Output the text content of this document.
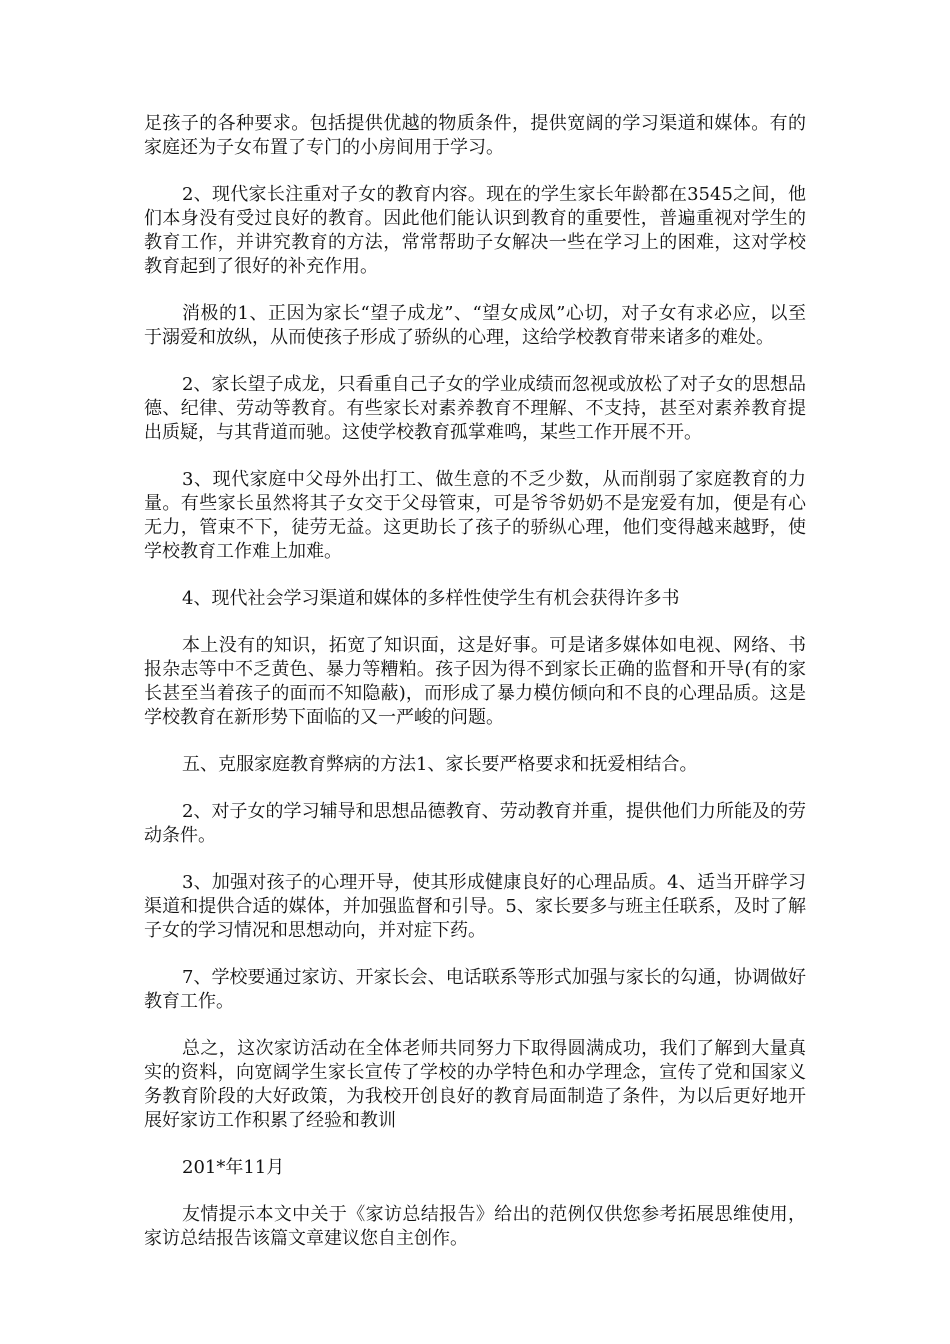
足孩子的各种要求。包括提供优越的物质条件，提供宽阔的学习渠道和媒体。有的家庭还为子女布置了专门的小房间用于学习。

2、现代家长注重对子女的教育内容。现在的学生家长年龄都在3545之间，他们本身没有受过良好的教育。因此他们能认识到教育的重要性，普遍重视对学生的教育工作，并讲究教育的方法，常常帮助子女解决一些在学习上的困难，这对学校教育起到了很好的补充作用。

消极的1、正因为家长“望子成龙”、“望女成凤”心切，对子女有求必应，以至于溺爱和放纵，从而使孩子形成了骄纵的心理，这给学校教育带来诸多的难处。

2、家长望子成龙，只看重自己子女的学业成绩而忽视或放松了对子女的思想品德、纪律、劳动等教育。有些家长对素养教育不理解、不支持，甚至对素养教育提出质疑，与其背道而驰。这使学校教育孤掌难鸣，某些工作开展不开。

3、现代家庭中父母外出打工、做生意的不乏少数，从而削弱了家庭教育的力量。有些家长虽然将其子女交于父母管束，可是爷爷奶奶不是宠爱有加，便是有心无力，管束不下，徒劳无益。这更助长了孩子的骄纵心理，他们变得越来越野，使学校教育工作难上加难。

4、现代社会学习渠道和媒体的多样性使学生有机会获得许多书

本上没有的知识，拓宽了知识面，这是好事。可是诸多媒体如电视、网络、书报杂志等中不乏黄色、暴力等糟粕。孩子因为得不到家长正确的监督和开导(有的家长甚至当着孩子的面而不知隐蔽)，而形成了暴力模仿倾向和不良的心理品质。这是学校教育在新形势下面临的又一严峻的问题。

五、克服家庭教育弊病的方法1、家长要严格要求和抚爱相结合。

2、对子女的学习辅导和思想品德教育、劳动教育并重，提供他们力所能及的劳动条件。

3、加强对孩子的心理开导，使其形成健康良好的心理品质。4、适当开辟学习渠道和提供合适的媒体，并加强监督和引导。5、家长要多与班主任联系，及时了解子女的学习情况和思想动向，并对症下药。

7、学校要通过家访、开家长会、电话联系等形式加强与家长的勾通，协调做好教育工作。

总之，这次家访活动在全体老师共同努力下取得圆满成功，我们了解到大量真实的资料，向宽阔学生家长宣传了学校的办学特色和办学理念，宣传了党和国家义务教育阶段的大好政策，为我校开创良好的教育局面制造了条件，为以后更好地开展好家访工作积累了经验和教训

201*年11月

友情提示本文中关于《家访总结报告》给出的范例仅供您参考拓展思维使用，家访总结报告该篇文章建议您自主创作。
